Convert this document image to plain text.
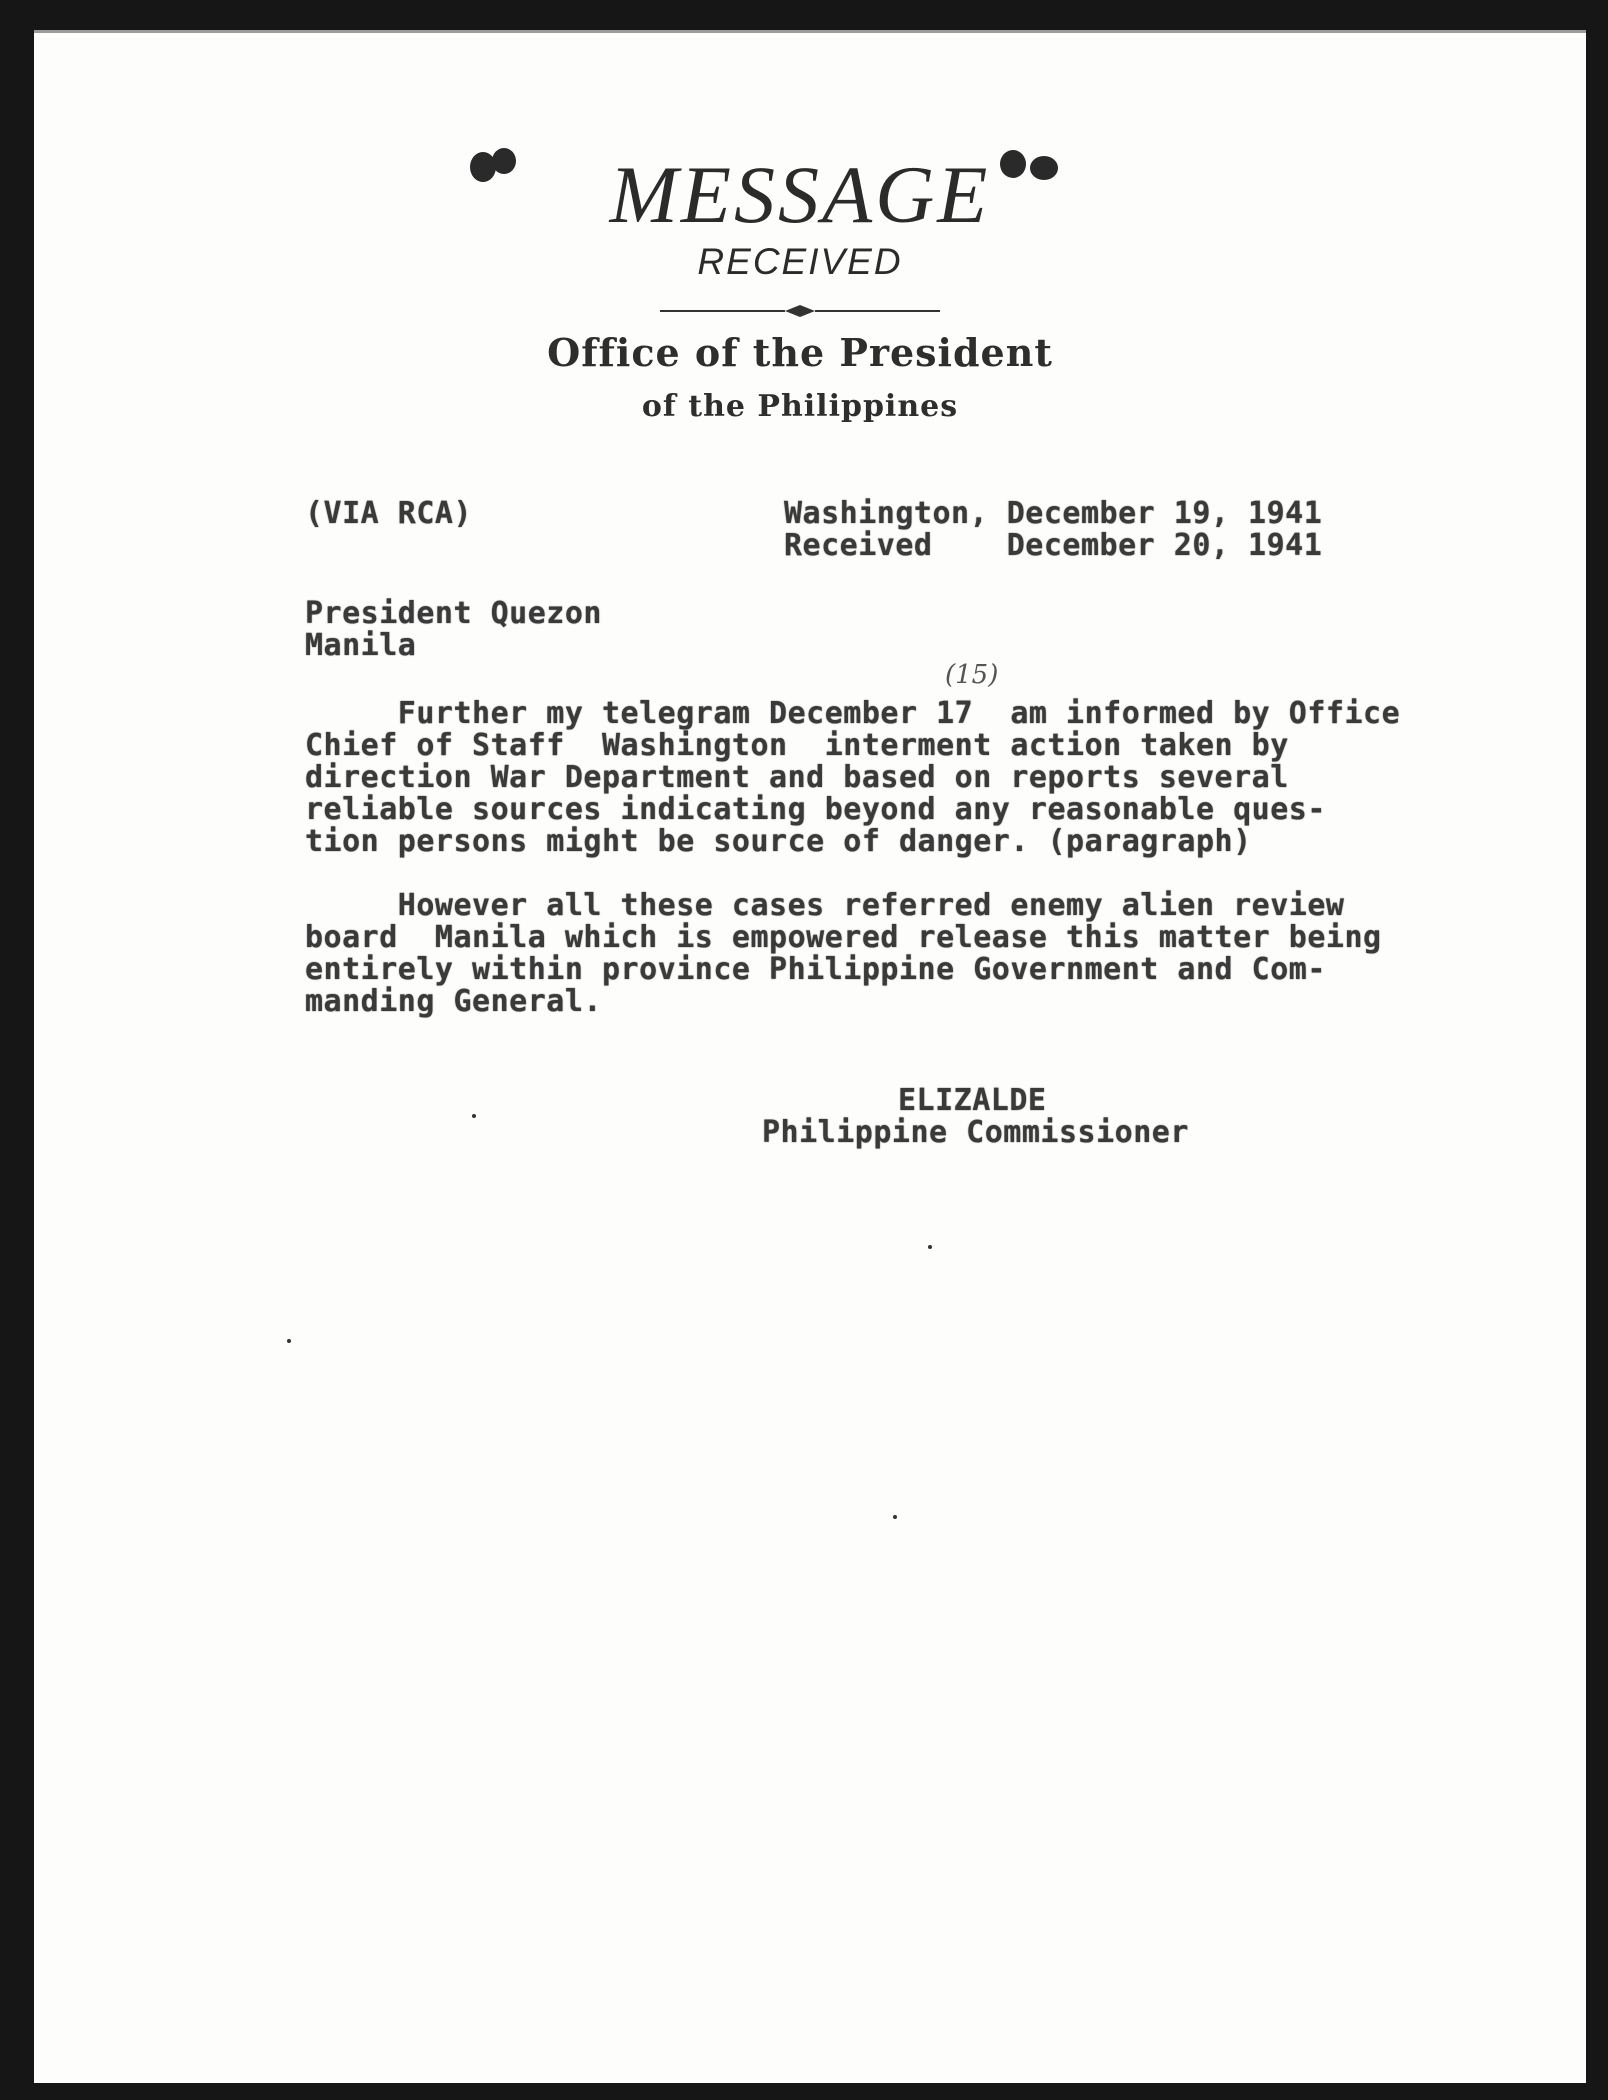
MESSAGE
RECEIVED
Office of the President
of the Philippines
(VIA RCA)	Washington, December 19, 1941
Received    December 20, 1941
President Quezon
Manila
(15)
Further my telegram December 17  am informed by Office
Chief of Staff  Washington  interment action taken by
direction War Department and based on reports several
reliable sources indicating beyond any reasonable ques-
tion persons might be source of danger. (paragraph)
However all these cases referred enemy alien review
board  Manila which is empowered release this matter being
entirely within province Philippine Government and Com-
manding General.
ELIZALDE
Philippine Commissioner
